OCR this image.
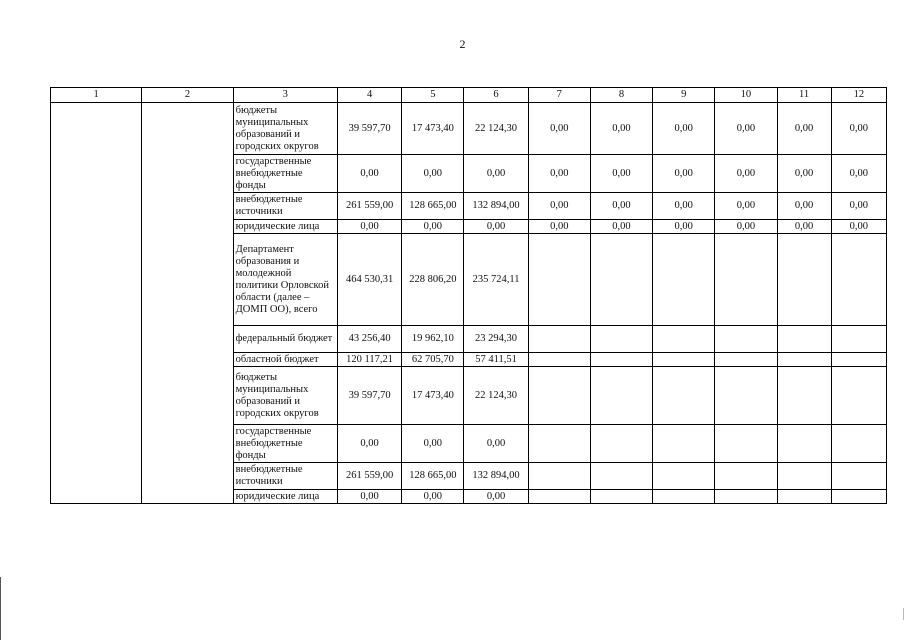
2
1	2	3	4	5	6	7	8	9	10	11	12
		бюджеты муниципальных образований и городских округов	39 597,70	17 473,40	22 124,30	0,00	0,00	0,00	0,00	0,00	0,00
		государственные внебюджетные фонды	0,00	0,00	0,00	0,00	0,00	0,00	0,00	0,00	0,00
		внебюджетные источники	261 559,00	128 665,00	132 894,00	0,00	0,00	0,00	0,00	0,00	0,00
		юридические лица	0,00	0,00	0,00	0,00	0,00	0,00	0,00	0,00	0,00
		Департамент образования и молодежной политики Орловской области (далее – ДОМП ОО), всего	464 530,31	228 806,20	235 724,11						
		федеральный бюджет	43 256,40	19 962,10	23 294,30						
		областной бюджет	120 117,21	62 705,70	57 411,51						
		бюджеты муниципальных образований и городских округов	39 597,70	17 473,40	22 124,30						
		государственные внебюджетные фонды	0,00	0,00	0,00						
		внебюджетные источники	261 559,00	128 665,00	132 894,00						
		юридические лица	0,00	0,00	0,00						
